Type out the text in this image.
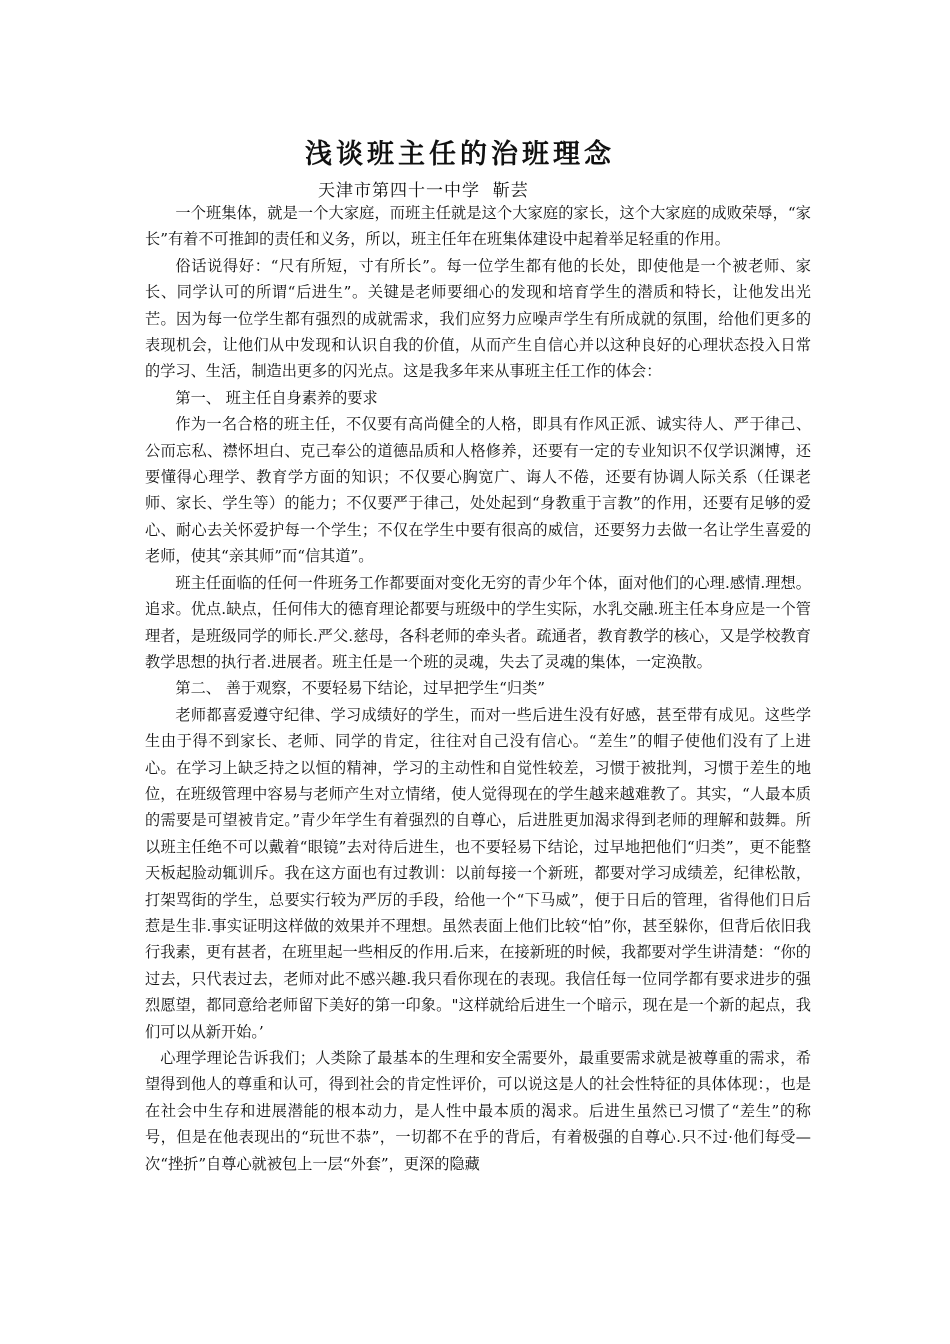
浅谈班主任的治班理念
天津市第四十一中学  靳芸

一个班集体，就是一个大家庭，而班主任就是这个大家庭的家长，这个大家庭的成败荣辱，“家长”有着不可推卸的责任和义务，所以，班主任年在班集体建设中起着举足轻重的作用。

俗话说得好：“尺有所短，寸有所长”。每一位学生都有他的长处，即使他是一个被老师、家长、同学认可的所谓“后进生”。关键是老师要细心的发现和培育学生的潜质和特长，让他发出光芒。因为每一位学生都有强烈的成就需求，我们应努力应噪声学生有所成就的氛围，给他们更多的表现机会，让他们从中发现和认识自我的价值，从而产生自信心并以这种良好的心理状态投入日常的学习、生活，制造出更多的闪光点。这是我多年来从事班主任工作的体会：

第一、 班主任自身素养的要求

作为一名合格的班主任，不仅要有高尚健全的人格，即具有作风正派、诚实待人、严于律己、公而忘私、襟怀坦白、克己奉公的道德品质和人格修养，还要有一定的专业知识不仅学识渊博，还要懂得心理学、教育学方面的知识；不仅要心胸宽广、诲人不倦，还要有协调人际关系（任课老师、家长、学生等）的能力；不仅要严于律己，处处起到“身教重于言教”的作用，还要有足够的爱心、耐心去关怀爱护每一个学生；不仅在学生中要有很高的威信，还要努力去做一名让学生喜爱的老师，使其“亲其师”而“信其道”。

班主任面临的任何一件班务工作都要面对变化无穷的青少年个体，面对他们的心理.感情.理想。追求。优点.缺点，任何伟大的德育理论都要与班级中的学生实际，水乳交融.班主任本身应是一个管理者，是班级同学的师长.严父.慈母，各科老师的牵头者。疏通者，教育教学的核心，又是学校教育教学思想的执行者.进展者。班主任是一个班的灵魂，失去了灵魂的集体，一定涣散。

第二、 善于观察，不要轻易下结论，过早把学生“归类”

老师都喜爱遵守纪律、学习成绩好的学生，而对一些后进生没有好感，甚至带有成见。这些学生由于得不到家长、老师、同学的肯定，往往对自己没有信心。“差生”的帽子使他们没有了上进心。在学习上缺乏持之以恒的精神，学习的主动性和自觉性较差，习惯于被批判，习惯于差生的地位，在班级管理中容易与老师产生对立情绪，使人觉得现在的学生越来越难教了。其实，“人最本质的需要是可望被肯定。”青少年学生有着强烈的自尊心，后进胜更加渴求得到老师的理解和鼓舞。所以班主任绝不可以戴着“眼镜”去对待后进生，也不要轻易下结论，过早地把他们“归类”，更不能整天板起脸动辄训斥。我在这方面也有过教训：以前每接一个新班，都要对学习成绩差，纪律松散，打架骂街的学生，总要实行较为严厉的手段，给他一个“下马威”，便于日后的管理，省得他们日后惹是生非.事实证明这样做的效果并不理想。虽然表面上他们比较“怕”你，甚至躲你，但背后依旧我行我素，更有甚者，在班里起一些相反的作用.后来，在接新班的时候，我都要对学生讲清楚：“你的过去，只代表过去，老师对此不感兴趣.我只看你现在的表现。我信任每一位同学都有要求进步的强烈愿望，都同意给老师留下美好的第一印象。"这样就给后进生一个暗示，现在是一个新的起点，我们可以从新开始。’

心理学理论告诉我们；人类除了最基本的生理和安全需要外，最重要需求就是被尊重的需求，希望得到他人的尊重和认可，得到社会的肯定性评价，可以说这是人的社会性特征的具体体现：，也是在社会中生存和进展潜能的根本动力，是人性中最本质的渴求。后进生虽然已习惯了“差生”的称号，但是在他表现出的“玩世不恭”，一切都不在乎的背后，有着极强的自尊心.只不过·他们每受—次“挫折”自尊心就被包上一层“外套”，更深的隐藏
